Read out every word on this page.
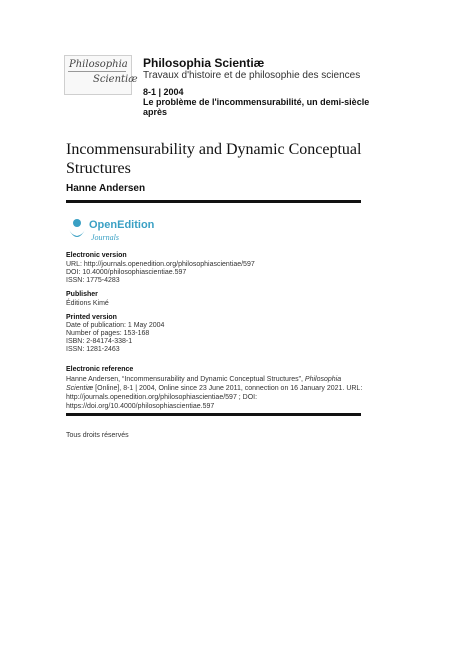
Philosophia
Scientiæ
Philosophia Scientiæ
Travaux d'histoire et de philosophie des sciences
8-1 | 2004
Le problème de l'incommensurabilité, un demi-siècle après
Incommensurability and Dynamic Conceptual
Structures
Hanne Andersen
OpenEdition
Journals
Electronic version
URL: http://journals.openedition.org/philosophiascientiae/597
DOI: 10.4000/philosophiascientiae.597
ISSN: 1775-4283
Publisher
Éditions Kimé
Printed version
Date of publication: 1 May 2004
Number of pages: 153-168
ISBN: 2-84174-338-1
ISSN: 1281-2463
Electronic reference
Hanne Andersen, “Incommensurability and Dynamic Conceptual Structures”, Philosophia Scientiæ [Online], 8-1 | 2004, Online since 23 June 2011, connection on 16 January 2021. URL: http://journals.openedition.org/philosophiascientiae/597 ; DOI: https://doi.org/10.4000/philosophiascientiae.597
Tous droits réservés
